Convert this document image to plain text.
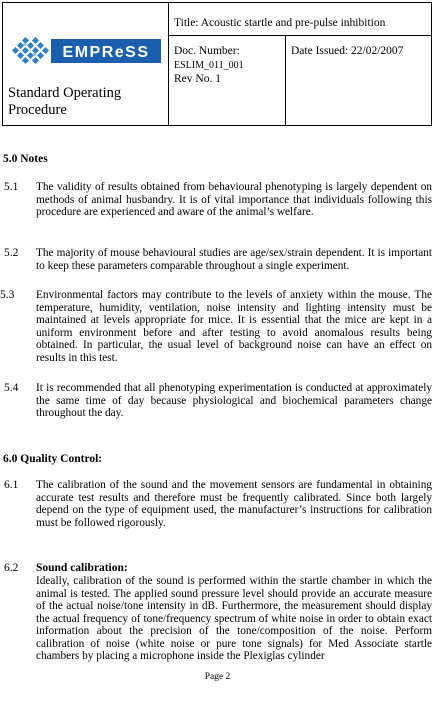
EMPReSS
Standard Operating Procedure
Title: Acoustic startle and pre-pulse inhibition
Doc. Number:
ESLIM_011_001
Rev No. 1
Date Issued: 22/02/2007
5.0 Notes
5.1 The validity of results obtained from behavioural phenotyping is largely dependent on methods of animal husbandry. It is of vital importance that individuals following this procedure are experienced and aware of the animal’s welfare.
5.2 The majority of mouse behavioural studies are age/sex/strain dependent. It is important to keep these parameters comparable throughout a single experiment.
5.3 Environmental factors may contribute to the levels of anxiety within the mouse. The temperature, humidity, ventilation, noise intensity and lighting intensity must be maintained at levels appropriate for mice. It is essential that the mice are kept in a uniform environment before and after testing to avoid anomalous results being obtained. In particular, the usual level of background noise can have an effect on results in this test.
5.4 It is recommended that all phenotyping experimentation is conducted at approximately the same time of day because physiological and biochemical parameters change throughout the day.
6.0 Quality Control:
6.1 The calibration of the sound and the movement sensors are fundamental in obtaining accurate test results and therefore must be frequently calibrated. Since both largely depend on the type of equipment used, the manufacturer’s instructions for calibration must be followed rigorously.
6.2 Sound calibration:
Ideally, calibration of the sound is performed within the startle chamber in which the animal is tested. The applied sound pressure level should provide an accurate measure of the actual noise/tone intensity in dB. Furthermore, the measurement should display the actual frequency of tone/frequency spectrum of white noise in order to obtain exact information about the precision of the tone/composition of the noise. Perform calibration of noise (white noise or pure tone signals) for Med Associate startle chambers by placing a microphone inside the Plexiglas cylinder
Page 2
